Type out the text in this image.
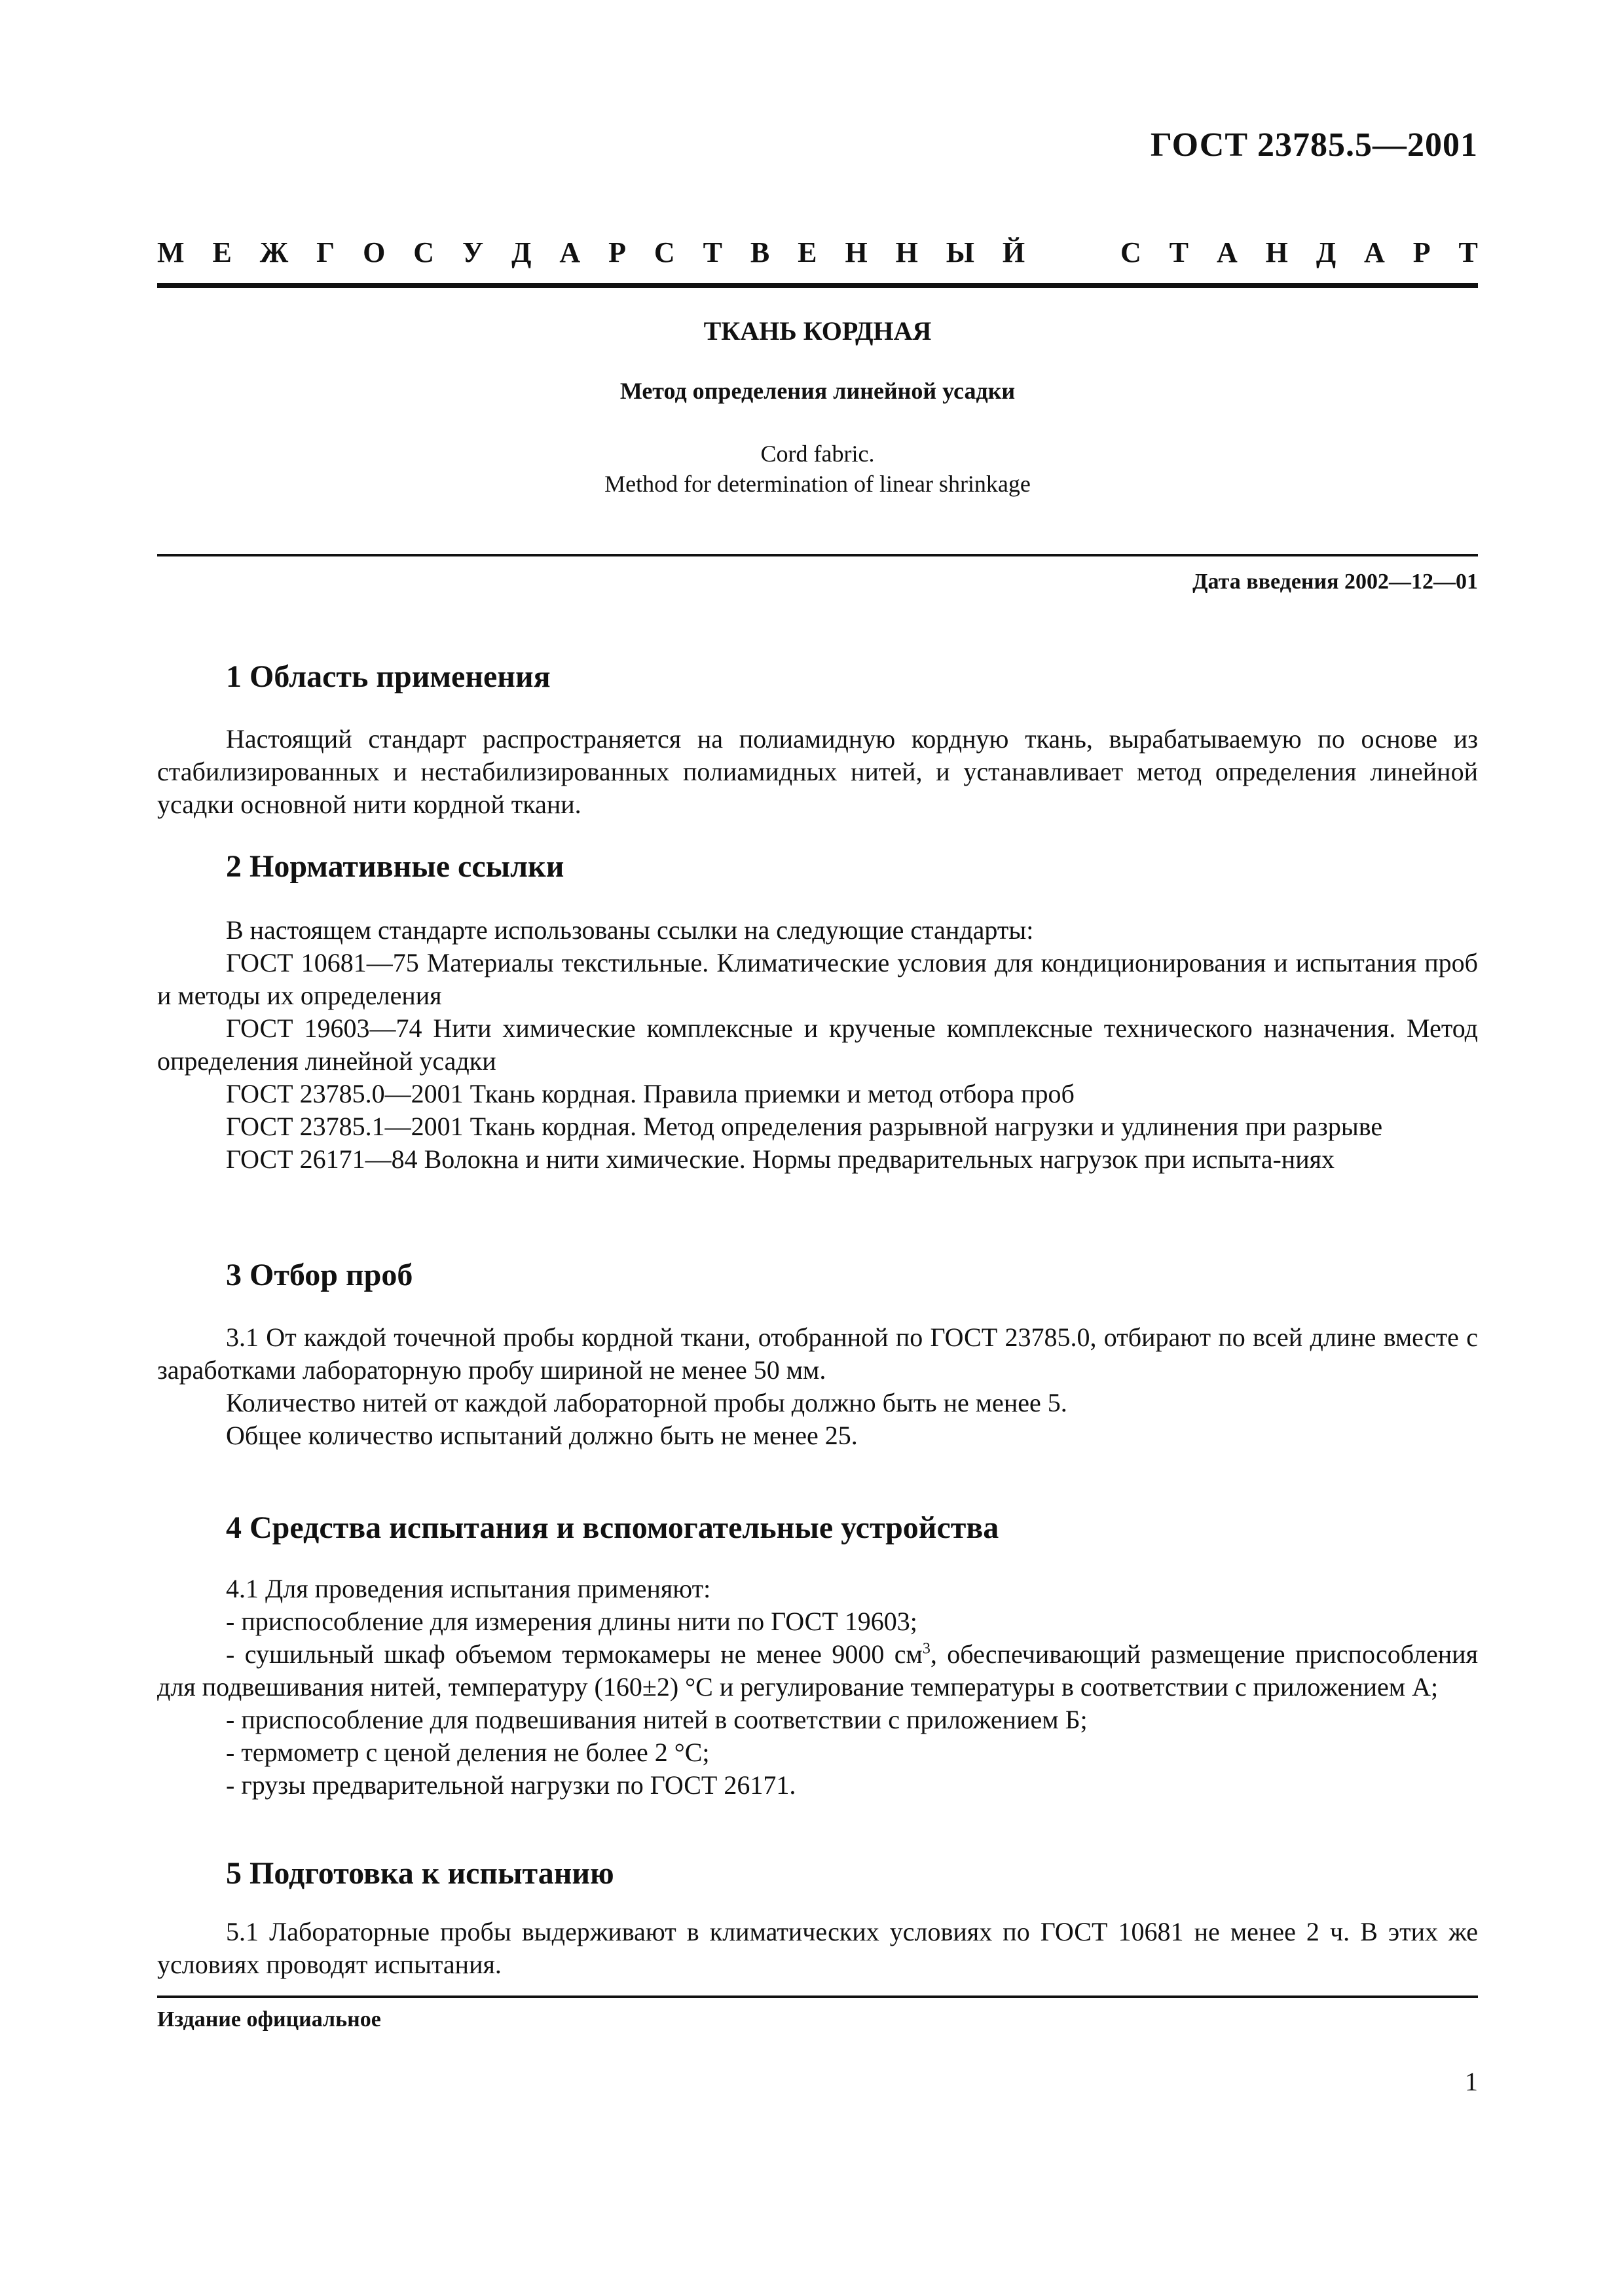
ГОСТ 23785.5—2001
М Е Ж Г О С У Д А Р С Т В Е Н Н Ы Й	С Т А Н Д А Р Т
ТКАНЬ КОРДНАЯ
Метод определения линейной усадки
Cord fabric.
Method for determination of linear shrinkage
Дата введения 2002—12—01
1 Область применения
Настоящий стандарт распространяется на полиамидную кордную ткань, вырабатываемую по основе из стабилизированных и нестабилизированных полиамидных нитей, и устанавливает метод определения линейной усадки основной нити кордной ткани.
2 Нормативные ссылки
В настоящем стандарте использованы ссылки на следующие стандарты:
ГОСТ 10681—75 Материалы текстильные. Климатические условия для кондиционирования и испытания проб и методы их определения
ГОСТ 19603—74 Нити химические комплексные и крученые комплексные технического назначения. Метод определения линейной усадки
ГОСТ 23785.0—2001 Ткань кордная. Правила приемки и метод отбора проб
ГОСТ 23785.1—2001 Ткань кордная. Метод определения разрывной нагрузки и удлинения при разрыве
ГОСТ 26171—84 Волокна и нити химические. Нормы предварительных нагрузок при испыта-ниях
3 Отбор проб
3.1 От каждой точечной пробы кордной ткани, отобранной по ГОСТ 23785.0, отбирают по всей длине вместе с заработками лабораторную пробу шириной не менее 50 мм.
Количество нитей от каждой лабораторной пробы должно быть не менее 5.
Общее количество испытаний должно быть не менее 25.
4 Средства испытания и вспомогательные устройства
4.1 Для проведения испытания применяют:
- приспособление для измерения длины нити по ГОСТ 19603;
- сушильный шкаф объемом термокамеры не менее 9000 $см^3$, обеспечивающий размещение приспособления для подвешивания нитей, температуру (160±2) °С и регулирование температуры в соответствии с приложением А;
- приспособление для подвешивания нитей в соответствии с приложением Б;
- термометр с ценой деления не более 2 °С;
- грузы предварительной нагрузки по ГОСТ 26171.
5 Подготовка к испытанию
5.1 Лабораторные пробы выдерживают в климатических условиях по ГОСТ 10681 не менее 2 ч. В этих же условиях проводят испытания.
Издание официальное
1
